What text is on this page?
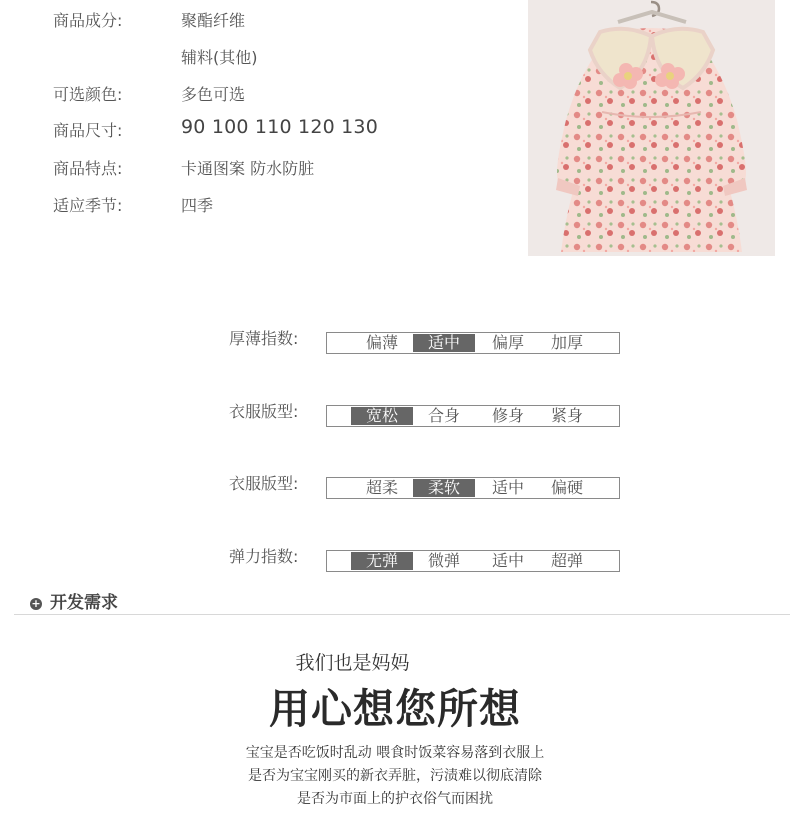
商品成分:	聚酯纤维
辅料(其他)
可选颜色:	多色可选
商品尺寸:	90 100 110 120 130
商品特点:	卡通图案 防水防脏
适应季节:	四季
厚薄指数:	偏薄	适中	偏厚	加厚
衣服版型:	宽松	合身	修身	紧身
衣服版型:	超柔	柔软	适中	偏硬
弹力指数:	无弹	微弹	适中	超弹
+ 开发需求
我们也是妈妈
用心想您所想
宝宝是否吃饭时乱动 喂食时饭菜容易落到衣服上
是否为宝宝刚买的新衣弄脏，污渍难以彻底清除
是否为市面上的护衣俗气而困扰
